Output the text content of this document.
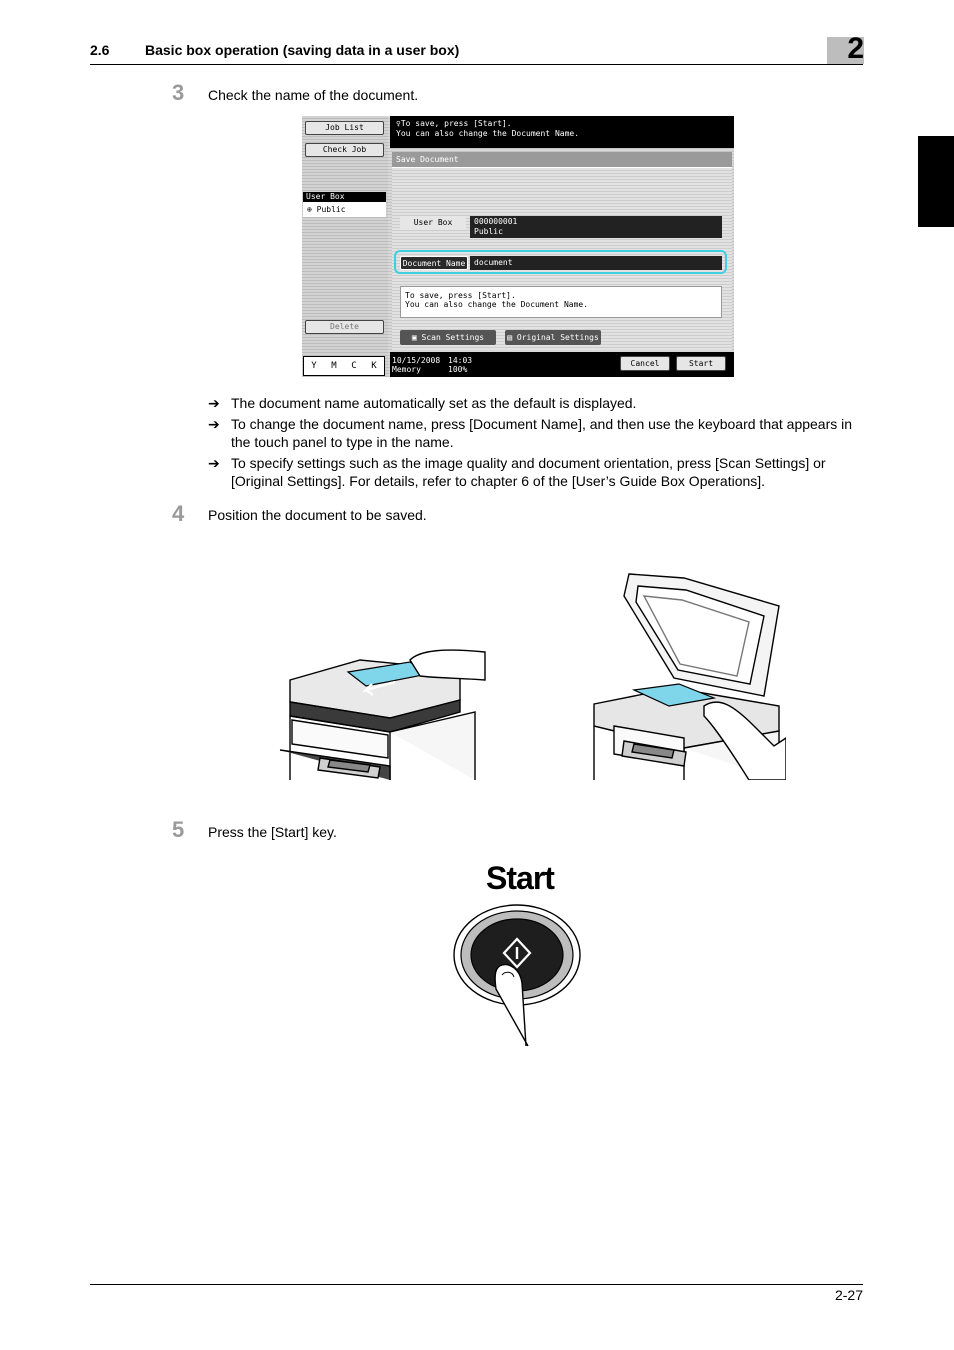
2.6	Basic box operation (saving data in a user box)	2
3 Check the name of the document.
Job List
Check Job
User Box
⊕ Public
Delete
Y M C K
♀To save, press [Start].
You can also change the Document Name.
Save Document
User Box	000000001
Public
Document Name	document
To save, press [Start].
You can also change the Document Name.
▣ Scan Settings	▤ Original Settings
10/15/2008
Memory
14:03
100%
Cancel	Start
➔ The document name automatically set as the default is displayed.
➔ To change the document name, press [Document Name], and then use the keyboard that appears in the touch panel to type in the name.
➔ To specify settings such as the image quality and document orientation, press [Scan Settings] or [Original Settings]. For details, refer to chapter 6 of the [User’s Guide Box Operations].
4 Position the document to be saved.
5 Press the [Start] key.
Start
2-27
